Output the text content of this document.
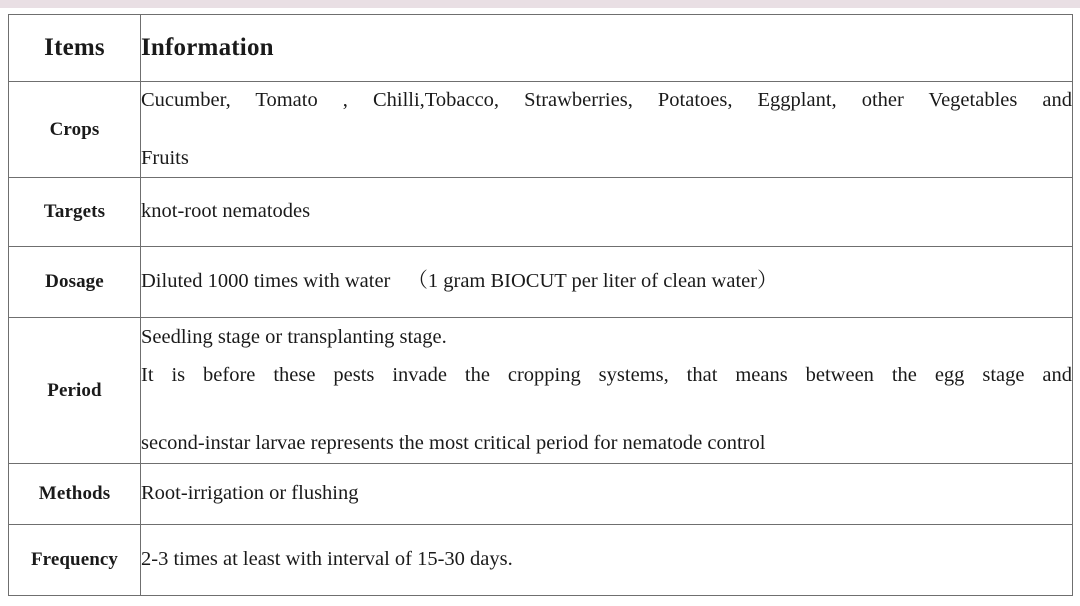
Items	Information
Crops	Cucumber, Tomato , Chilli,Tobacco, Strawberries, Potatoes, Eggplant, other Vegetables and

Fruits

Targets	knot-root nematodes

Dosage	Diluted 1000 times with water （1 gram BIOCUT per liter of clean water）

Period	Seedling stage or transplanting stage.

It is before these pests invade the cropping systems, that means between the egg stage and

second-instar larvae represents the most critical period for nematode control

Methods	Root-irrigation or flushing

Frequency	2-3 times at least with interval of 15-30 days.
